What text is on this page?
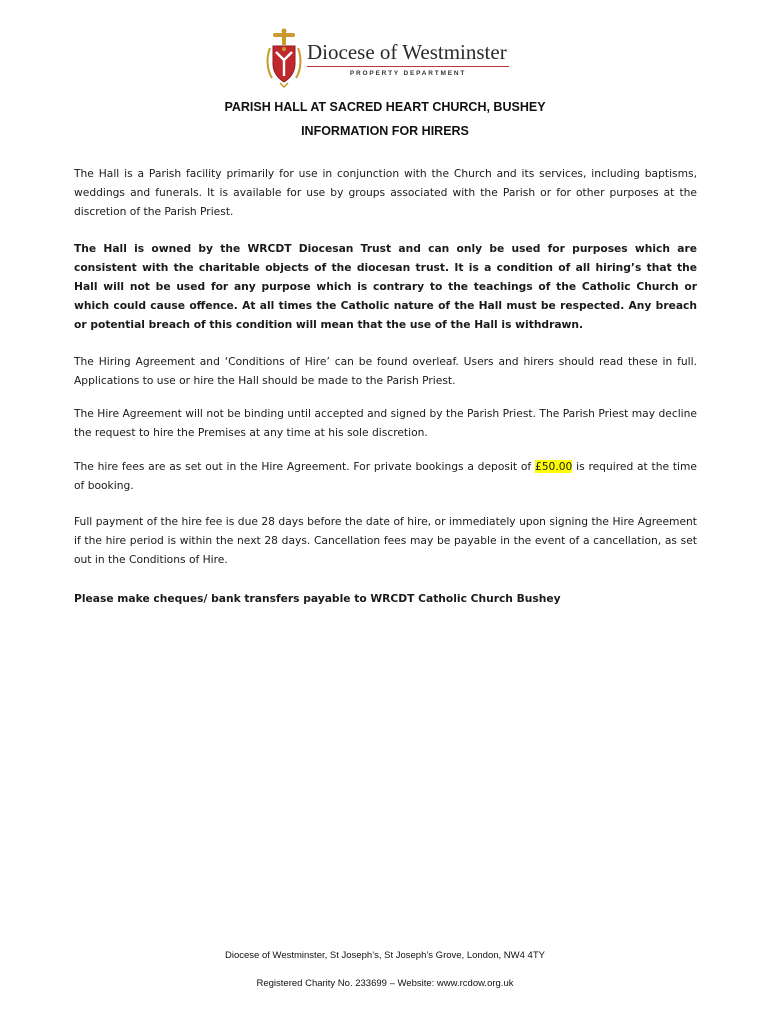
Diocese of Westminster
PROPERTY DEPARTMENT
PARISH HALL AT SACRED HEART CHURCH, BUSHEY
INFORMATION FOR HIRERS

The Hall is a Parish facility primarily for use in conjunction with the Church and its services, including baptisms, weddings and funerals. It is available for use by groups associated with the Parish or for other purposes at the discretion of the Parish Priest.

The Hall is owned by the WRCDT Diocesan Trust and can only be used for purposes which are consistent with the charitable objects of the diocesan trust. It is a condition of all hiring’s that the Hall will not be used for any purpose which is contrary to the teachings of the Catholic Church or which could cause offence. At all times the Catholic nature of the Hall must be respected. Any breach or potential breach of this condition will mean that the use of the Hall is withdrawn.

The Hiring Agreement and ‘Conditions of Hire’ can be found overleaf. Users and hirers should read these in full. Applications to use or hire the Hall should be made to the Parish Priest.

The Hire Agreement will not be binding until accepted and signed by the Parish Priest. The Parish Priest may decline the request to hire the Premises at any time at his sole discretion.

The hire fees are as set out in the Hire Agreement. For private bookings a deposit of £50.00 is required at the time of booking.

Full payment of the hire fee is due 28 days before the date of hire, or immediately upon signing the Hire Agreement if the hire period is within the next 28 days. Cancellation fees may be payable in the event of a cancellation, as set out in the Conditions of Hire.

Please make cheques/ bank transfers payable to WRCDT Catholic Church Bushey

Diocese of Westminster, St Joseph’s, St Joseph’s Grove, London, NW4 4TY

Registered Charity No. 233699 – Website: www.rcdow.org.uk
